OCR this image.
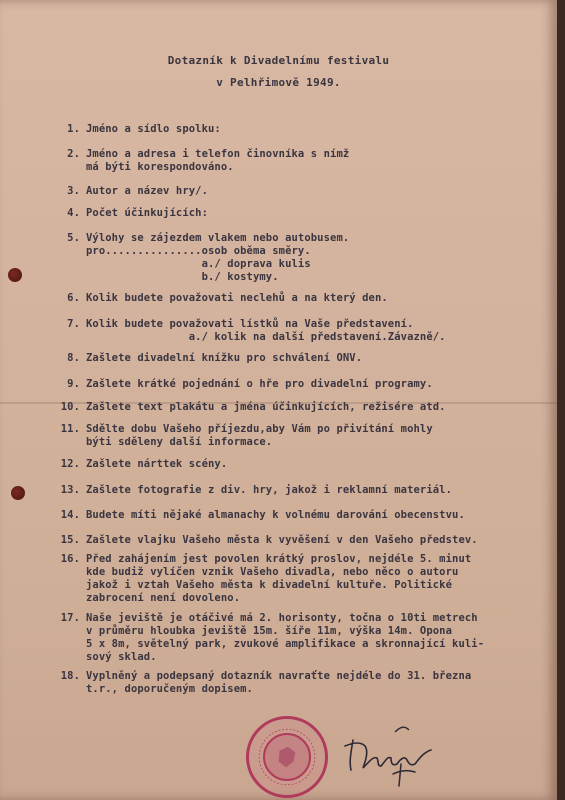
Dotazník k Divadelnímu festivalu
v Pelhřimově 1949.
1. Jméno a sídlo spolku:
2. Jméno a adresa i telefon činovníka s nímž
má býti korespondováno.
3. Autor a název hry/.
4. Počet účinkujících:
5. Výlohy se zájezdem vlakem nebo autobusem.
pro...............osob oběma směry.
a./ doprava kulis
b./ kostymy.
6. Kolik budete považovati neclehů a na který den.
7. Kolik budete považovati lístků na Vaše představení.
a./ kolik na další představení.Závazně/.
8. Zašlete divadelní knížku pro schválení ONV.
9. Zašlete krátké pojednání o hře pro divadelní programy.
10. Zašlete text plakátu a jména účinkujících, režisére atd.
11. Sdělte dobu Vašeho příjezdu,aby Vám po přivítání mohly
býti sděleny další informace.
12. Zašlete nárttek scény.
13. Zašlete fotografie z div. hry, jakož i reklamní materiál.
14. Budete míti nějaké almanachy k volnému darování obecenstvu.
15. Zašlete vlajku Vašeho města k vyvěšení v den Vašeho předstev.
16. Před zahájením jest povolen krátký proslov, nejdéle 5. minut
kde budiž vylíčen vznik Vašeho divadla, nebo něco o autoru
jakož i vztah Vašeho města k divadelní kultuře. Politické
zabrocení není dovoleno.
17. Naše jeviště je otáčivé má 2. horisonty, točna o 10ti metrech
v průměru hloubka jeviště 15m. šíře 11m, výška 14m. Opona
5 x 8m, světelný park, zvukové amplifikace a skronnající kuli-
sový sklad.
18. Vyplněný a podepsaný dotazník navraťte nejdéle do 31. března
t.r., doporučeným dopisem.
